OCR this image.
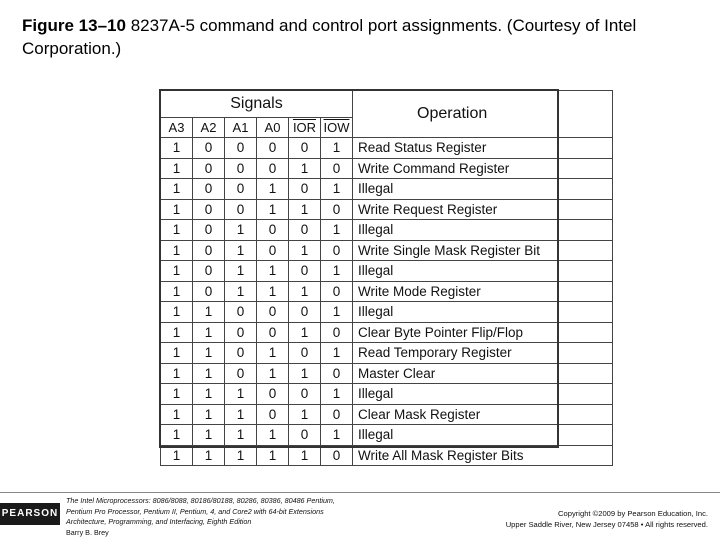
Figure 13–10 8237A-5 command and control port assignments. (Courtesy of Intel Corporation.)
Signals						Operation
A3	A2	A1	A0	$\overline{IOR}$	$\overline{IOW}$
1	0	0	0	0	1	Read Status Register
1	0	0	0	1	0	Write Command Register
1	0	0	1	0	1	Illegal
1	0	0	1	1	0	Write Request Register
1	0	1	0	0	1	Illegal
1	0	1	0	1	0	Write Single Mask Register Bit
1	0	1	1	0	1	Illegal
1	0	1	1	1	0	Write Mode Register
1	1	0	0	0	1	Illegal
1	1	0	0	1	0	Clear Byte Pointer Flip/Flop
1	1	0	1	0	1	Read Temporary Register
1	1	0	1	1	0	Master Clear
1	1	1	0	0	1	Illegal
1	1	1	0	1	0	Clear Mask Register
1	1	1	1	0	1	Illegal
1	1	1	1	1	0	Write All Mask Register Bits
PEARSON
The Intel Microprocessors: 8086/8088, 80186/80188, 80286, 80386, 80486 Pentium,
Pentium Pro Processor, Pentium II, Pentium, 4, and Core2 with 64-bit Extensions
Architecture, Programming, and Interfacing, Eighth Edition
Barry B. Brey
Copyright ©2009 by Pearson Education, Inc.
Upper Saddle River, New Jersey 07458 • All rights reserved.
